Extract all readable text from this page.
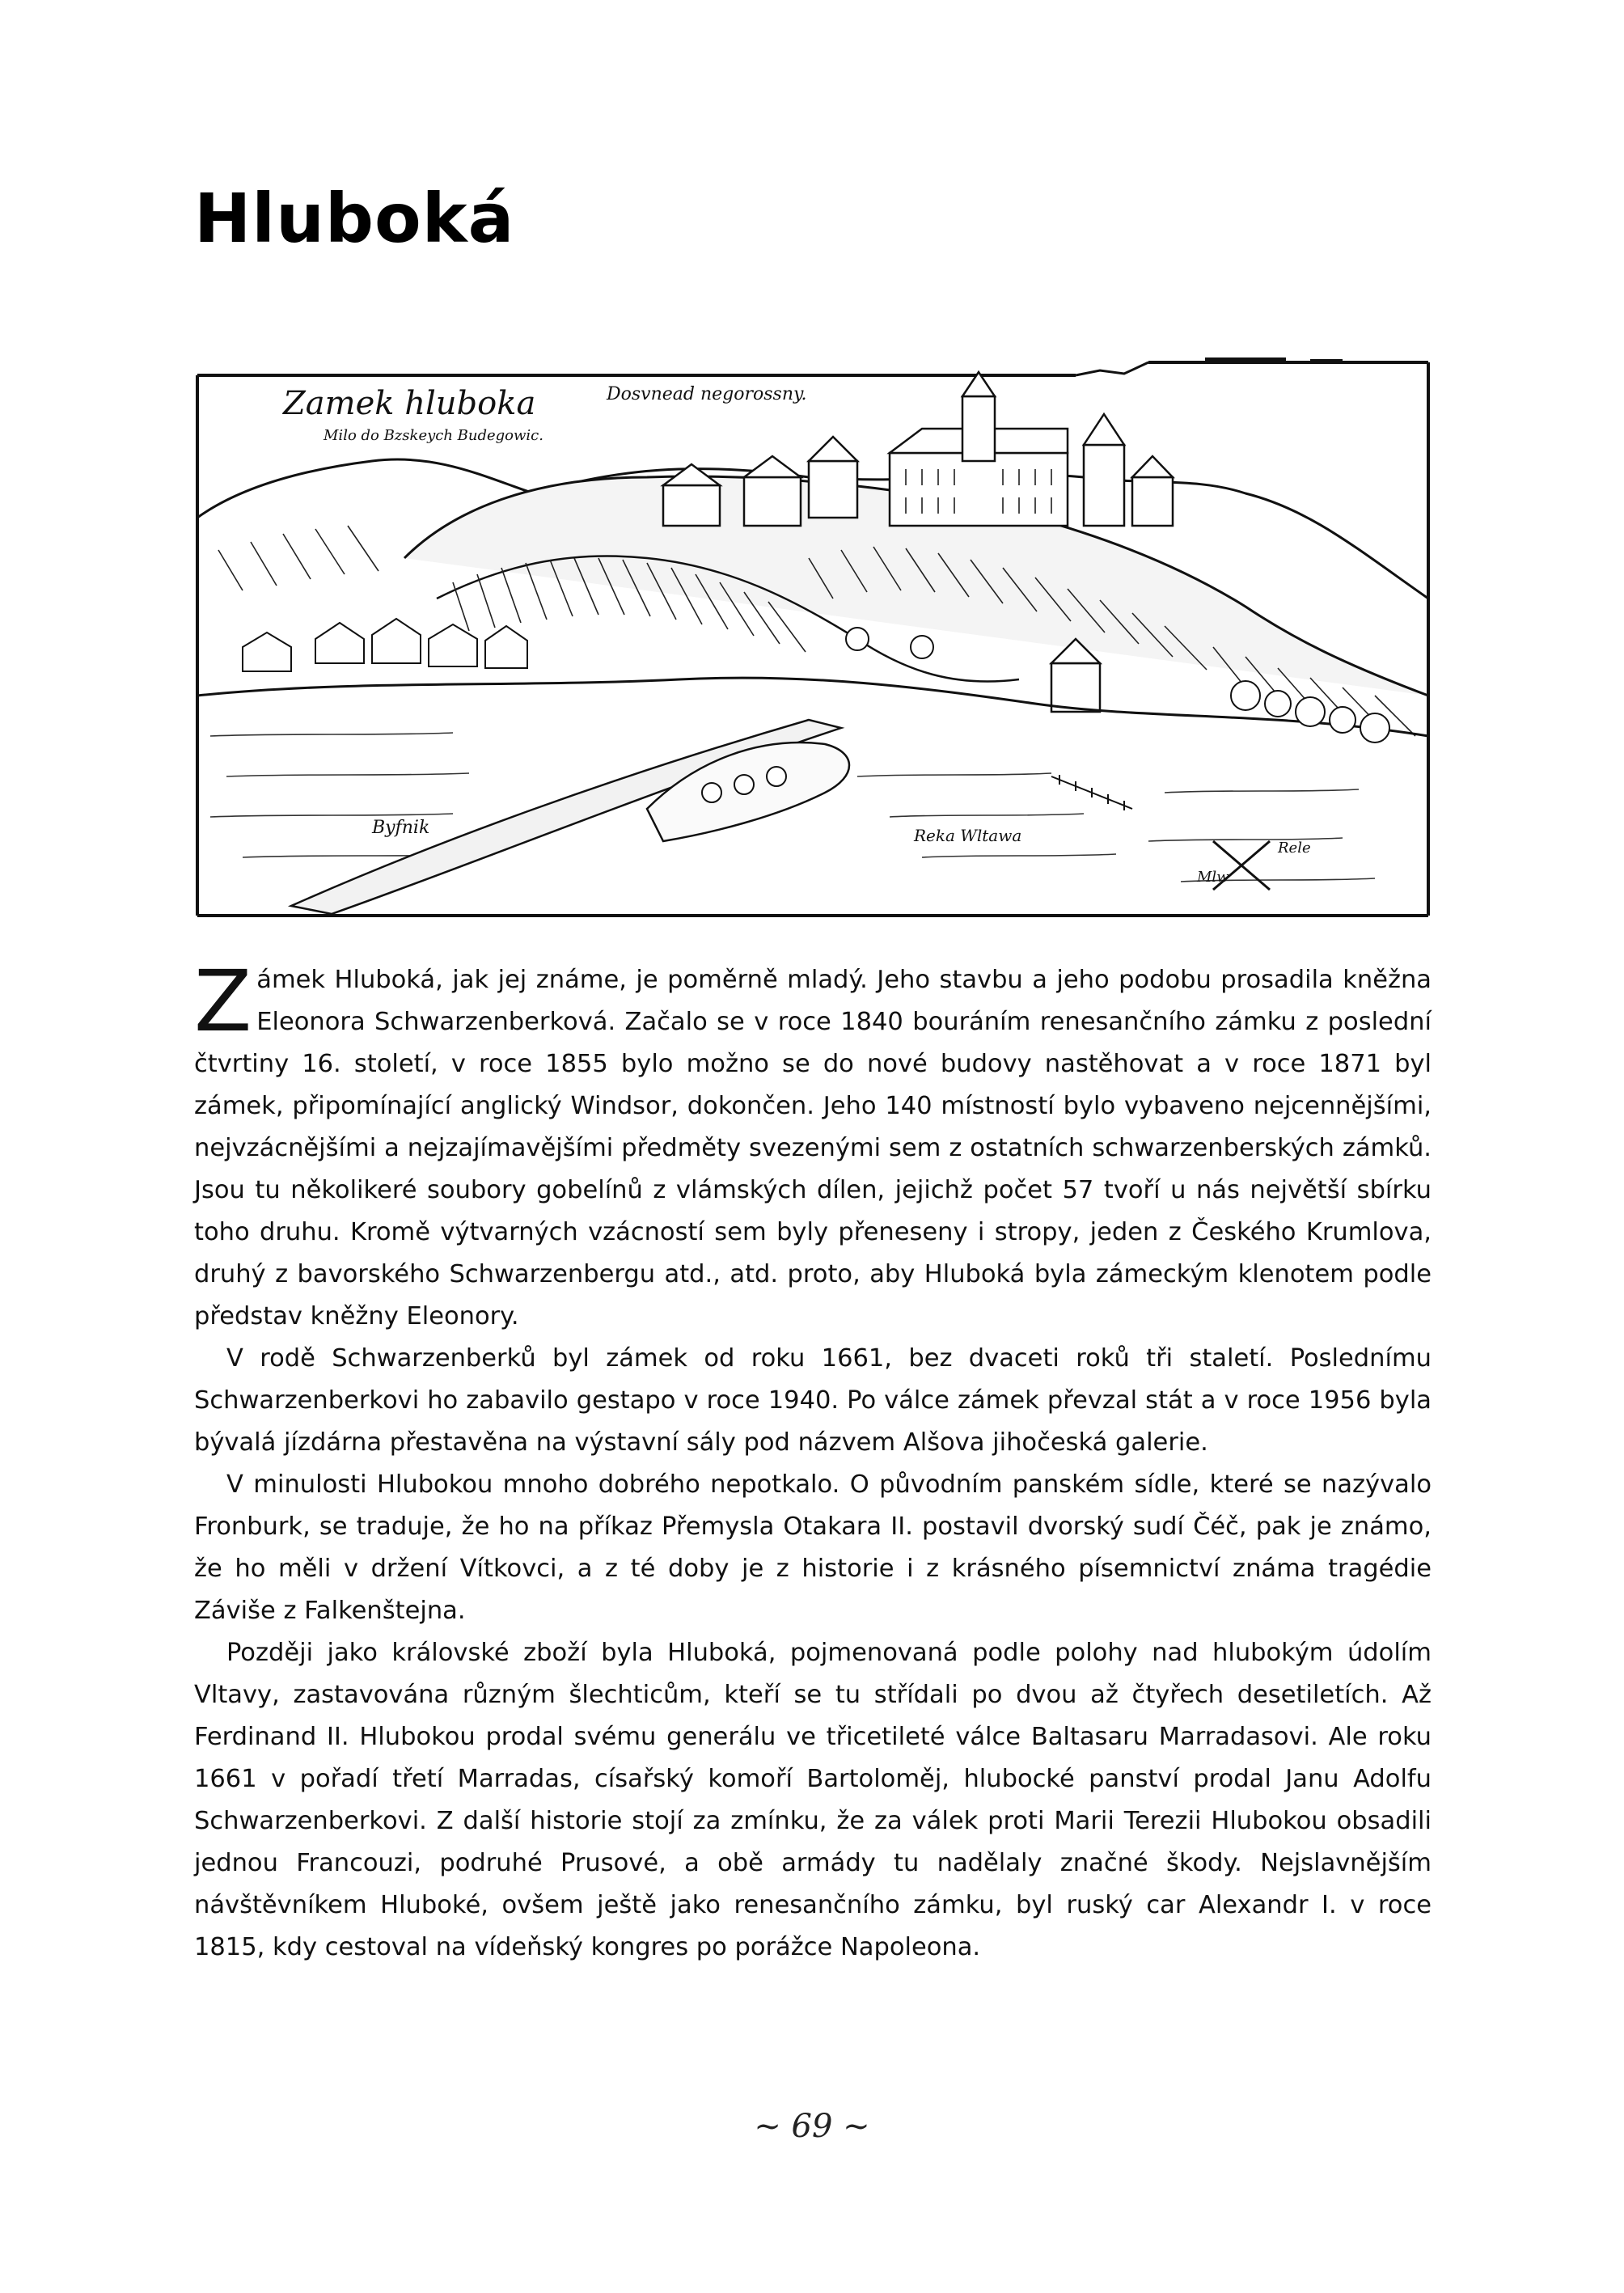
Hluboká
Zamek hluboka
Milo do Bzskeych Budegowic.
Dosvnead negorossny.
Byfnik	Reka Wltawa
Rele
Mlw

Zámek Hluboká, jak jej známe, je poměrně mladý. Jeho stavbu a jeho podobu prosadila kněžna Eleonora Schwarzenberková. Začalo se v roce 1840 bouráním renesančního zámku z poslední čtvrtiny 16. století, v roce 1855 bylo možno se do nové budovy nastěhovat a v roce 1871 byl zámek, připomínající anglický Windsor, dokončen. Jeho 140 místností bylo vybaveno nejcennějšími, nejvzácnějšími a nejzajímavějšími předměty svezenými sem z ostatních schwarzenberských zámků. Jsou tu několikeré soubory gobelínů z vlámských dílen, jejichž počet 57 tvoří u nás největší sbírku toho druhu. Kromě výtvarných vzácností sem byly přeneseny i stropy, jeden z Českého Krumlova, druhý z bavorského Schwarzenbergu atd., atd. proto, aby Hluboká byla zámeckým klenotem podle představ kněžny Eleonory.

V rodě Schwarzenberků byl zámek od roku 1661, bez dvaceti roků tři staletí. Poslednímu Schwarzenberkovi ho zabavilo gestapo v roce 1940. Po válce zámek převzal stát a v roce 1956 byla bývalá jízdárna přestavěna na výstavní sály pod názvem Alšova jihočeská galerie.

V minulosti Hlubokou mnoho dobrého nepotkalo. O původním panském sídle, které se nazývalo Fronburk, se traduje, že ho na příkaz Přemysla Otakara II. postavil dvorský sudí Čéč, pak je známo, že ho měli v držení Vítkovci, a z té doby je z historie i z krásného písemnictví známa tragédie Záviše z Falkenštejna.

Později jako královské zboží byla Hluboká, pojmenovaná podle polohy nad hlubokým údolím Vltavy, zastavována různým šlechticům, kteří se tu střídali po dvou až čtyřech desetiletích. Až Ferdinand II. Hlubokou prodal svému generálu ve třicetileté válce Baltasaru Marradasovi. Ale roku 1661 v pořadí třetí Marradas, císařský komoří Bartoloměj, hlubocké panství prodal Janu Adolfu Schwarzenberkovi. Z další historie stojí za zmínku, že za válek proti Marii Terezii Hlubokou obsadili jednou Francouzi, podruhé Prusové, a obě armády tu nadělaly značné škody. Nejslavnějším návštěvníkem Hluboké, ovšem ještě jako renesančního zámku, byl ruský car Alexandr I. v roce 1815, kdy cestoval na vídeňský kongres po porážce Napoleona.

~ 69 ~
